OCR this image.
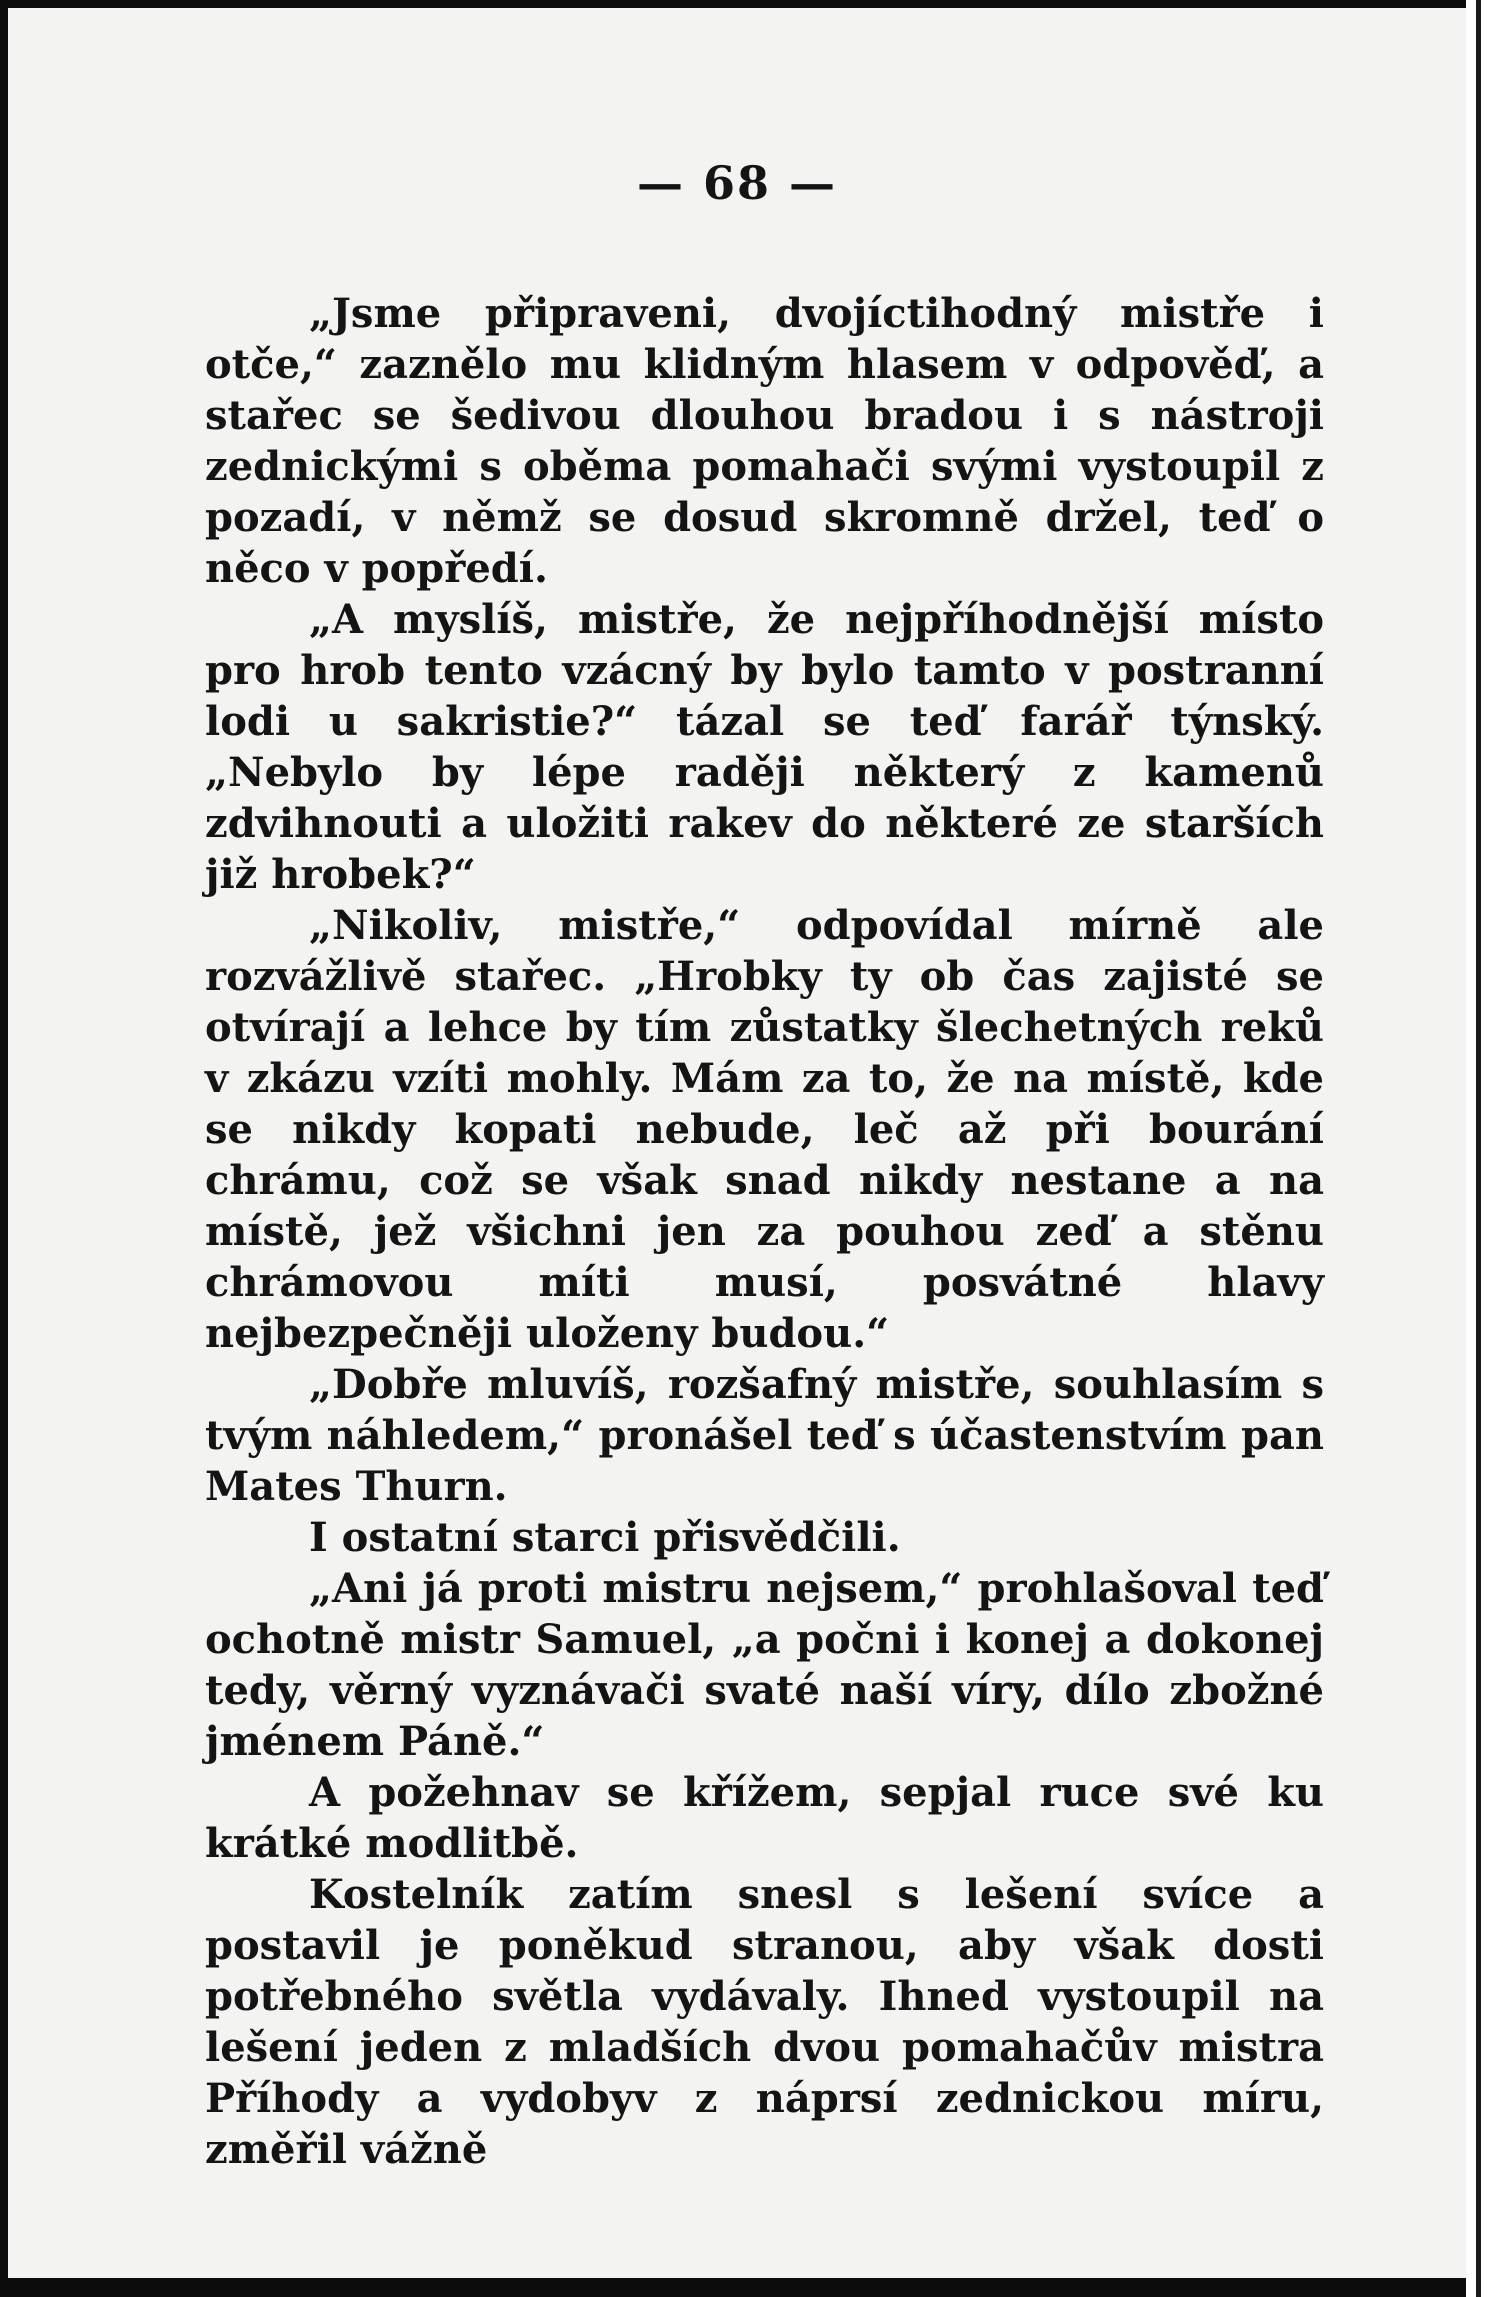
— 68 —

„Jsme připraveni, dvojíctihodný mistře i otče,“ zaznělo mu klidným hlasem v odpověď, a stařec se šedivou dlouhou bradou i s nástroji zednickými s oběma pomahači svými vystoupil z pozadí, v němž se dosud skromně držel, teď o něco v popředí.

„A myslíš, mistře, že nejpříhodnější místo pro hrob tento vzácný by bylo tamto v postranní lodi u sakristie?“ tázal se teď farář týnský. „Nebylo by lépe raději některý z kamenů zdvihnouti a uložiti rakev do některé ze starších již hrobek?“

„Nikoliv, mistře,“ odpovídal mírně ale rozvážlivě stařec. „Hrobky ty ob čas zajisté se otvírají a lehce by tím zůstatky šlechetných reků v zkázu vzíti mohly. Mám za to, že na místě, kde se nikdy kopati nebude, leč až při bourání chrámu, což se však snad nikdy nestane a na místě, jež všichni jen za pouhou zeď a stěnu chrámovou míti musí, posvátné hlavy nejbezpečněji uloženy budou.“

„Dobře mluvíš, rozšafný mistře, souhlasím s tvým náhledem,“ pronášel teď s účastenstvím pan Mates Thurn.

I ostatní starci přisvědčili.

„Ani já proti mistru nejsem,“ prohlašoval teď ochotně mistr Samuel, „a počni i konej a dokonej tedy, věrný vyznávači svaté naší víry, dílo zbožné jménem Páně.“

A požehnav se křížem, sepjal ruce své ku krátké modlitbě.

Kostelník zatím snesl s lešení svíce a postavil je poněkud stranou, aby však dosti potřebného světla vydávaly. Ihned vystoupil na lešení jeden z mladších dvou pomahačův mistra Příhody a vydobyv z náprsí zednickou míru, změřil vážně
